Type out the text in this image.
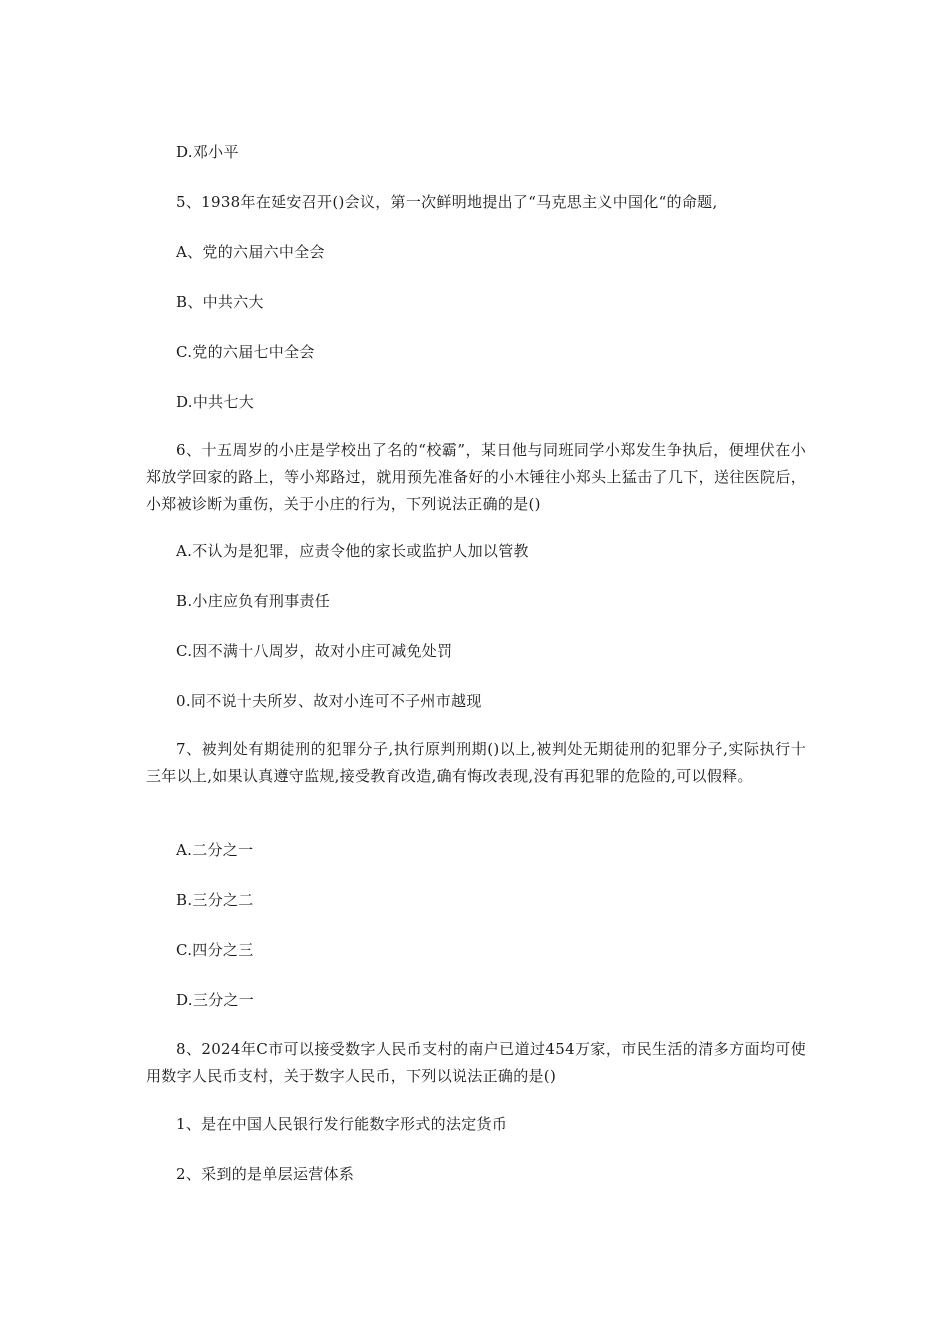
D.邓小平
5、1938年在延安召开()会议，第一次鲜明地提出了“马克思主义中国化“的命题,
A、党的六届六中全会
B、中共六大
C.党的六届七中全会
D.中共七大
6、十五周岁的小庄是学校出了名的“校霸”，某日他与同班同学小郑发生争执后，便埋伏在小郑放学回家的路上，等小郑路过，就用预先准备好的小木锤往小郑头上猛击了几下，送往医院后，小郑被诊断为重伤，关于小庄的行为，下列说法正确的是()
A.不认为是犯罪，应责令他的家长或监护人加以管教
B.小庄应负有刑事责任
C.因不满十八周岁，故对小庄可减免处罚
0.同不说十夫所岁、故对小连可不子州市越现
7、被判处有期徒刑的犯罪分子,执行原判刑期()以上,被判处无期徒刑的犯罪分子,实际执行十三年以上,如果认真遵守监规,接受教育改造,确有悔改表现,没有再犯罪的危险的,可以假释。
A.二分之一
B.三分之二
C.四分之三
D.三分之一
8、2024年C市可以接受数字人民币支村的南户已道过454万家，市民生活的清多方面均可使用数字人民币支村，关于数字人民币，下列以说法正确的是()
1、是在中国人民银行发行能数字形式的法定货币
2、采到的是单层运营体系
